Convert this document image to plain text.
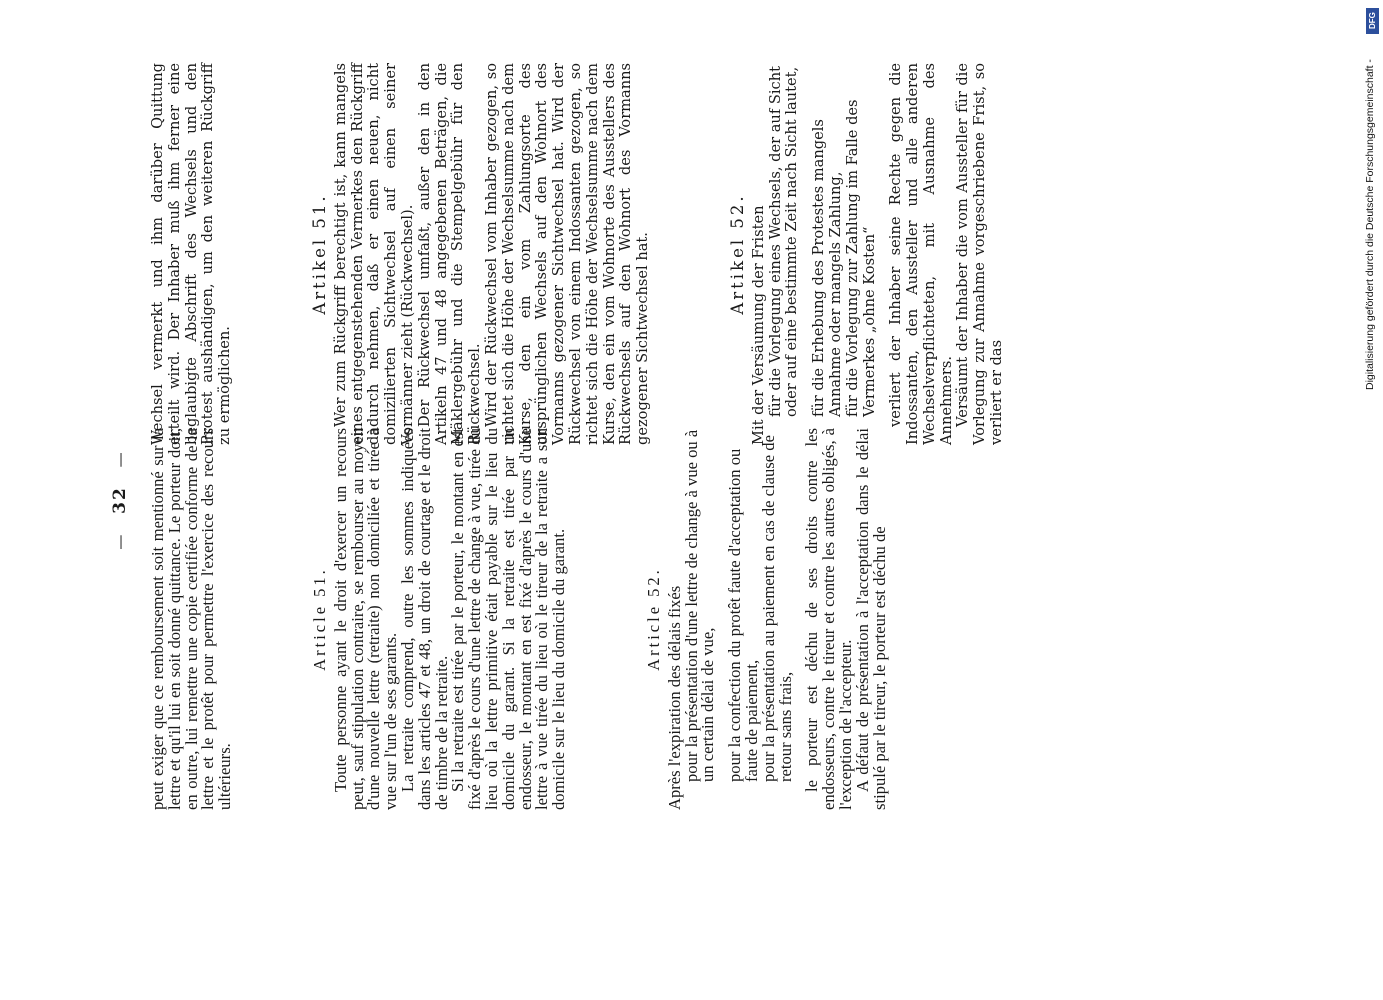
— 32 — peut exiger que ce remboursement soit mentionné sur la lettre et qu'il lui en soit donné quittance. Le porteur doit, en outre, lui remettre une copie certifiée conforme de la lettre et le protêt pour permettre l'exercice des recours ultérieurs.

Article 51. Toute personne ayant le droit d'exercer un recours peut, sauf stipulation contraire, se rembourser au moyen d'une nouvelle lettre (retraite) non domiciliée et tirée à vue sur l'un de ses garants.

La retraite comprend, outre les sommes indiquées dans les articles 47 et 48, un droit de courtage et le droit de timbre de la retraite.

Si la retraite est tirée par le porteur, le montant en est fixé d'après le cours d'une lettre de change à vue, tirée du lieu où la lettre primitive était payable sur le lieu du domicile du garant. Si la retraite est tirée par un endosseur, le montant en est fixé d'après le cours d'une lettre à vue tirée du lieu où le tireur de la retraite a son domicile sur le lieu du domicile du garant.	Article 52. Après l'expiration des délais fixés

pour la présentation d'une lettre de change à vue ou à un certain délai de vue, pour la confection du protêt faute d'acceptation ou faute de paiement,

pour la présentation au paiement en cas de clause de retour sans frais, le porteur est déchu de ses droits contre les endosseurs, contre le tireur et contre les autres obligés, à l'exception de l'accepteur.

A défaut de présentation à l'acceptation dans le délai stipulé par le tireur, le porteur est déchu de

Wechsel vermerkt und ihm darüber Quittung erteilt wird. Der Inhaber muß ihm ferner eine beglaubigte Abschrift des Wechsels und den Protest aushändigen, um den weiteren Rückgriff zu ermöglichen.

Artikel 51. Wer zum Rückgriff berechtigt ist, kann mangels eines entgegenstehenden Vermerkes den Rückgriff dadurch nehmen, daß er einen neuen, nicht domizilierten Sichtwechsel auf einen seiner Vormänner zieht (Rückwechsel). Der Rückwechsel umfaßt, außer den in den Artikeln 47 und 48 angegebenen Beträgen, die Mäklergebühr und die Stempelgebühr für den Rückwechsel. Wird der Rückwechsel vom Inhaber gezogen, so richtet sich die Höhe der Wechselsumme nach dem Kurse, den ein vom Zahlungsorte des ursprünglichen Wechsels auf den Wohnort des Vormanns gezogener Sichtwechsel hat. Wird der Rückwechsel von einem Indossanten gezogen, so richtet sich die Höhe der Wechselsumme nach dem Kurse, den ein vom Wohnorte des Ausstellers des Rückwechsels auf den Wohnort des Vormanns gezogener Sichtwechsel hat.	Artikel 52. Mit der Versäumung der Fristen für die Vorlegung eines Wechsels, der auf Sicht oder auf eine bestimmte Zeit nach Sicht lautet, für die Erhebung des Protestes mangels Annahme oder mangels Zahlung, für die Vorlegung zur Zahlung im Falle des Vermerkes „ohne Kosten“ verliert der Inhaber seine Rechte gegen die Indossanten, den Aussteller und alle anderen Wechselverpflichteten, mit Ausnahme des Annehmers. Versäumt der Inhaber die vom Aussteller für die Vorlegung zur Annahme vorgeschriebene Frist, so verliert er das

Digitalisierung gefördert durch die Deutsche Forschungsgemeinschaft -
DFG
